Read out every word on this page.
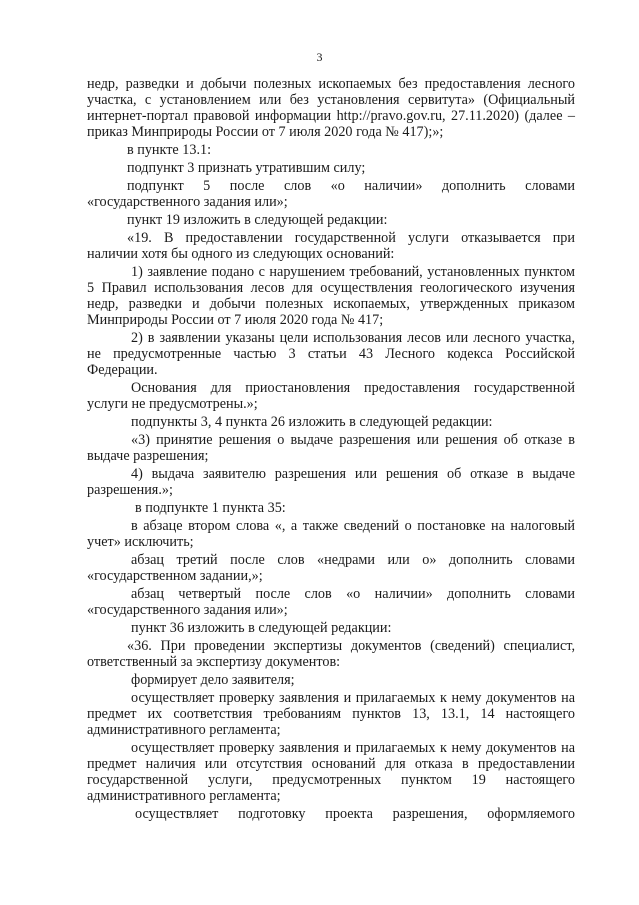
3

недр, разведки и добычи полезных ископаемых без предоставления лесного участка, с установлением или без установления сервитута» (Официальный интернет-портал правовой информации http://pravo.gov.ru, 27.11.2020) (далее – приказ Минприроды России от 7 июля 2020 года № 417);»;

в пункте 13.1:

подпункт 3 признать утратившим силу;

подпункт 5 после слов «о наличии» дополнить словами «государственного задания или»;

пункт 19 изложить в следующей редакции:

«19. В предоставлении государственной услуги отказывается при наличии хотя бы одного из следующих оснований:

1) заявление подано с нарушением требований, установленных пунктом 5 Правил использования лесов для осуществления геологического изучения недр, разведки и добычи полезных ископаемых, утвержденных приказом Минприроды России от 7 июля 2020 года № 417;

2) в заявлении указаны цели использования лесов или лесного участка, не предусмотренные частью 3 статьи 43 Лесного кодекса Российской Федерации.

Основания для приостановления предоставления государственной услуги не предусмотрены.»;

подпункты 3, 4 пункта 26 изложить в следующей редакции:

«3) принятие решения о выдаче разрешения или решения об отказе в выдаче разрешения;

4) выдача заявителю разрешения или решения об отказе в выдаче разрешения.»;

в подпункте 1 пункта 35:

в абзаце втором слова «, а также сведений о постановке на налоговый учет» исключить;

абзац третий после слов «недрами или о» дополнить словами «государственном задании,»;

абзац четвертый после слов «о наличии» дополнить словами «государственного задания или»;

пункт 36 изложить в следующей редакции:

«36. При проведении экспертизы документов (сведений) специалист, ответственный за экспертизу документов:

формирует дело заявителя;

осуществляет проверку заявления и прилагаемых к нему документов на предмет их соответствия требованиям пунктов 13, 13.1, 14 настоящего административного регламента;

осуществляет проверку заявления и прилагаемых к нему документов на предмет наличия или отсутствия оснований для отказа в предоставлении государственной услуги, предусмотренных пунктом 19 настоящего административного регламента;

осуществляет подготовку проекта разрешения, оформляемого
